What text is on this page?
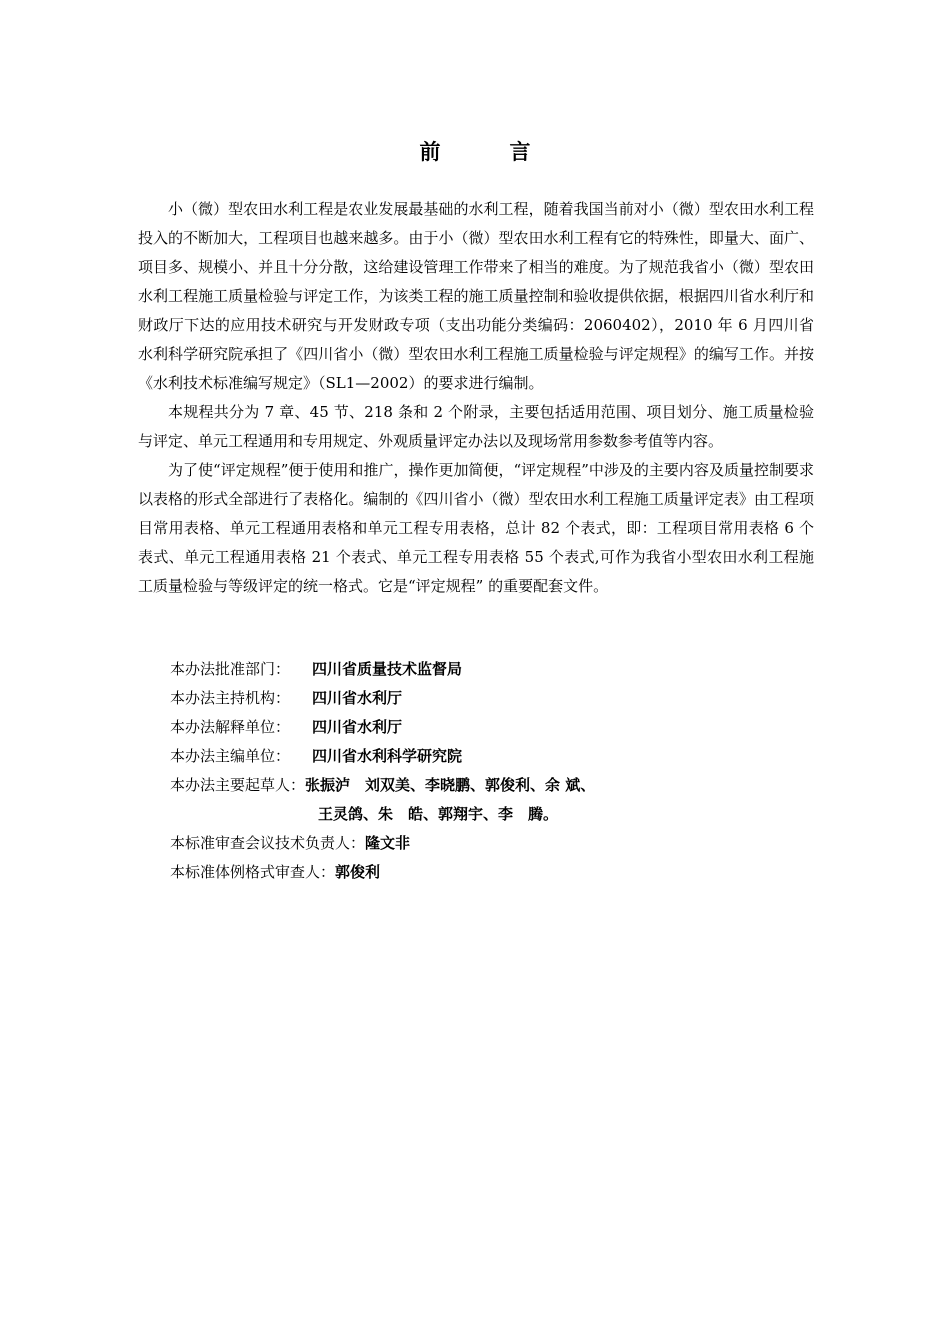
前　言

小（微）型农田水利工程是农业发展最基础的水利工程，随着我国当前对小（微）型农田水利工程投入的不断加大，工程项目也越来越多。由于小（微）型农田水利工程有它的特殊性，即量大、面广、项目多、规模小、并且十分分散，这给建设管理工作带来了相当的难度。为了规范我省小（微）型农田水利工程施工质量检验与评定工作，为该类工程的施工质量控制和验收提供依据，根据四川省水利厅和财政厅下达的应用技术研究与开发财政专项（支出功能分类编码：2060402），2010 年 6 月四川省水利科学研究院承担了《四川省小（微）型农田水利工程施工质量检验与评定规程》的编写工作。并按《水利技术标准编写规定》（SL1—2002）的要求进行编制。

本规程共分为 7 章、45 节、218 条和 2 个附录，主要包括适用范围、项目划分、施工质量检验与评定、单元工程通用和专用规定、外观质量评定办法以及现场常用参数参考值等内容。

为了使“评定规程”便于使用和推广，操作更加简便，“评定规程”中涉及的主要内容及质量控制要求以表格的形式全部进行了表格化。编制的《四川省小（微）型农田水利工程施工质量评定表》由工程项目常用表格、单元工程通用表格和单元工程专用表格，总计 82 个表式，即：工程项目常用表格 6 个表式、单元工程通用表格 21 个表式、单元工程专用表格 55 个表式,可作为我省小型农田水利工程施工质量检验与等级评定的统一格式。它是“评定规程” 的重要配套文件。

本办法批准部门：	四川省质量技术监督局
本办法主持机构：	四川省水利厅
本办法解释单位：	四川省水利厅
本办法主编单位：	四川省水利科学研究院
本办法主要起草人： 张振泸　刘双美、李晓鹏、郭俊利、余 斌、
王灵鸽、朱　皓、郭翔宇、李　腾。
本标准审查会议技术负责人： 隆文非
本标准体例格式审查人： 郭俊利
